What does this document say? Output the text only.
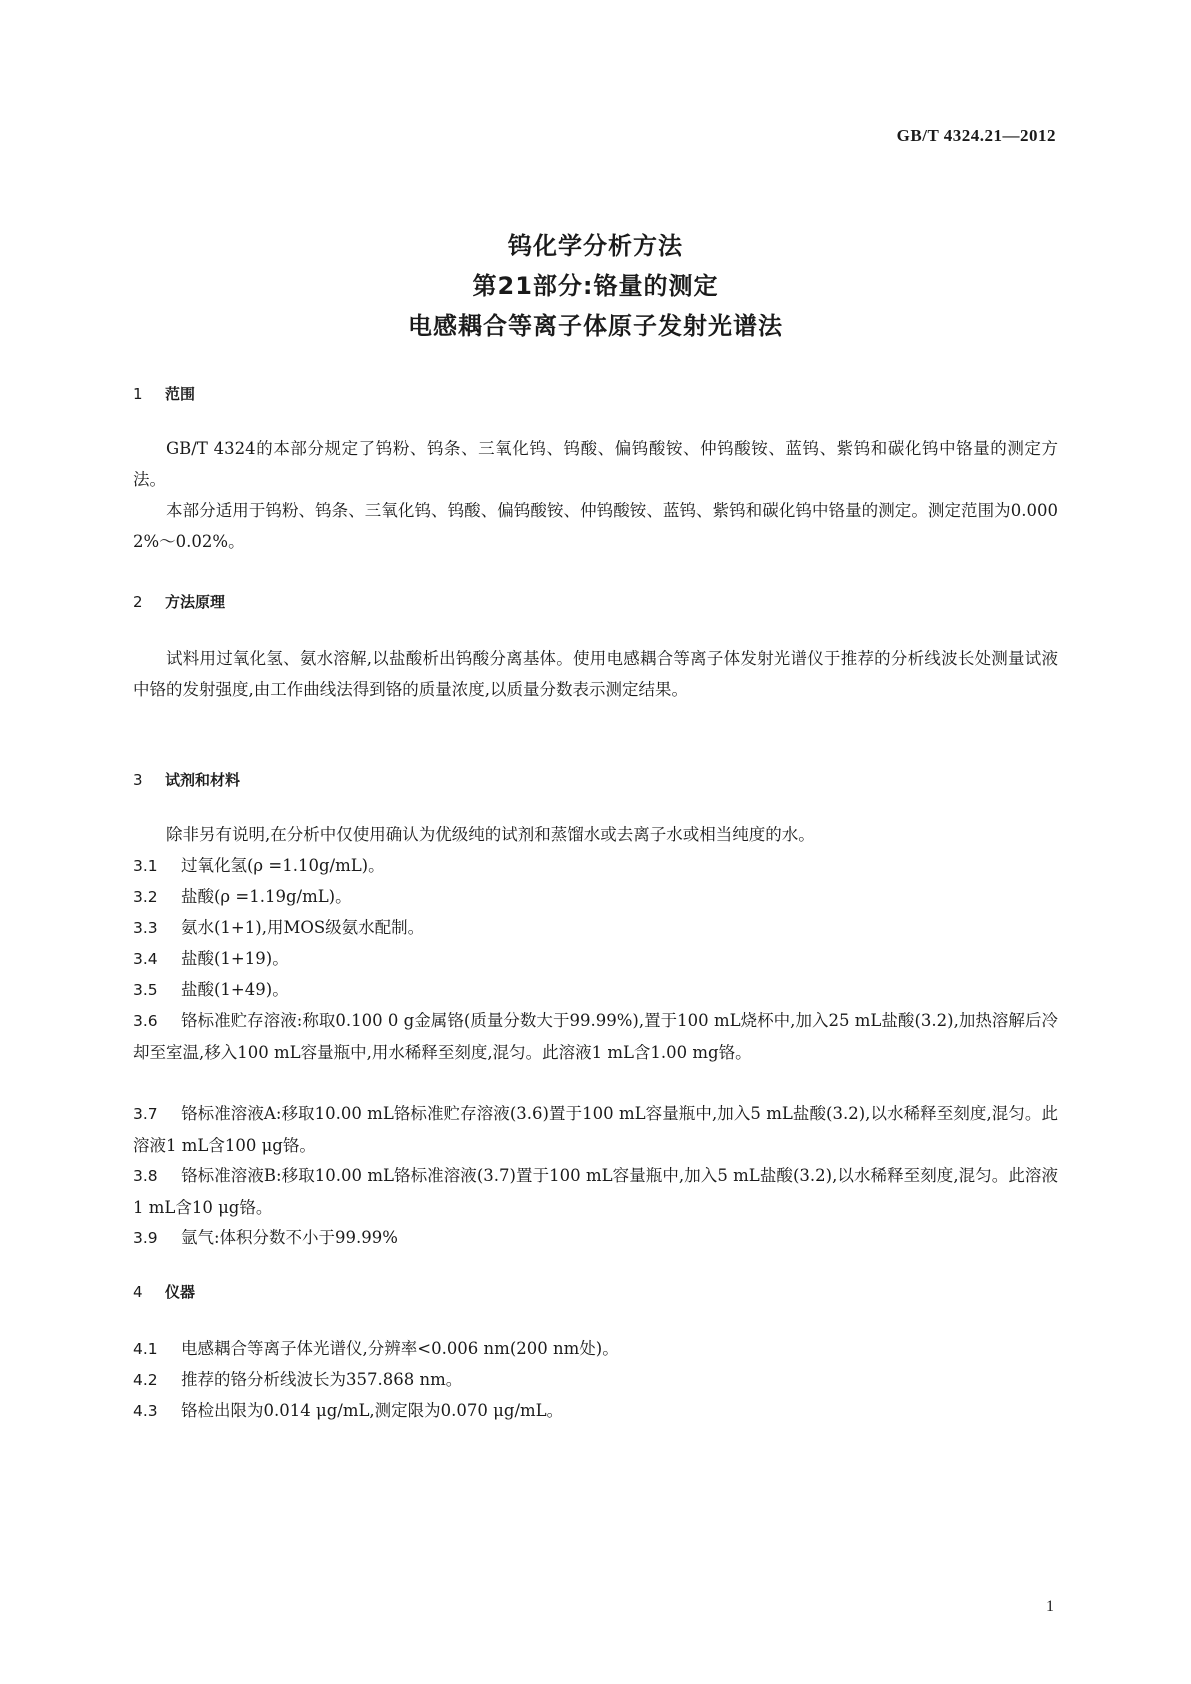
GB/T 4324.21—2012
钨化学分析方法
第21部分:铬量的测定
电感耦合等离子体原子发射光谱法
1 范围
GB/T 4324的本部分规定了钨粉、钨条、三氧化钨、钨酸、偏钨酸铵、仲钨酸铵、蓝钨、紫钨和碳化钨中铬量的测定方法。
本部分适用于钨粉、钨条、三氧化钨、钨酸、偏钨酸铵、仲钨酸铵、蓝钨、紫钨和碳化钨中铬量的测定。测定范围为0.000 2%～0.02%。
2 方法原理
试料用过氧化氢、氨水溶解,以盐酸析出钨酸分离基体。使用电感耦合等离子体发射光谱仪于推荐的分析线波长处测量试液中铬的发射强度,由工作曲线法得到铬的质量浓度,以质量分数表示测定结果。
3 试剂和材料
除非另有说明,在分析中仅使用确认为优级纯的试剂和蒸馏水或去离子水或相当纯度的水。
3.1 过氧化氢(ρ =1.10g/mL)。
3.2 盐酸(ρ =1.19g/mL)。
3.3 氨水(1+1),用MOS级氨水配制。
3.4 盐酸(1+19)。
3.5 盐酸(1+49)。
3.6 铬标准贮存溶液:称取0.100 0 g金属铬(质量分数大于99.99%),置于100 mL烧杯中,加入25 mL盐酸(3.2),加热溶解后冷却至室温,移入100 mL容量瓶中,用水稀释至刻度,混匀。此溶液1 mL含1.00 mg铬。
3.7 铬标准溶液A:移取10.00 mL铬标准贮存溶液(3.6)置于100 mL容量瓶中,加入5 mL盐酸(3.2),以水稀释至刻度,混匀。此溶液1 mL含100 μg铬。
3.8 铬标准溶液B:移取10.00 mL铬标准溶液(3.7)置于100 mL容量瓶中,加入5 mL盐酸(3.2),以水稀释至刻度,混匀。此溶液1 mL含10 μg铬。
3.9 氩气:体积分数不小于99.99%
4 仪器
4.1 电感耦合等离子体光谱仪,分辨率<0.006 nm(200 nm处)。
4.2 推荐的铬分析线波长为357.868 nm。
4.3 铬检出限为0.014 μg/mL,测定限为0.070 μg/mL。
1
